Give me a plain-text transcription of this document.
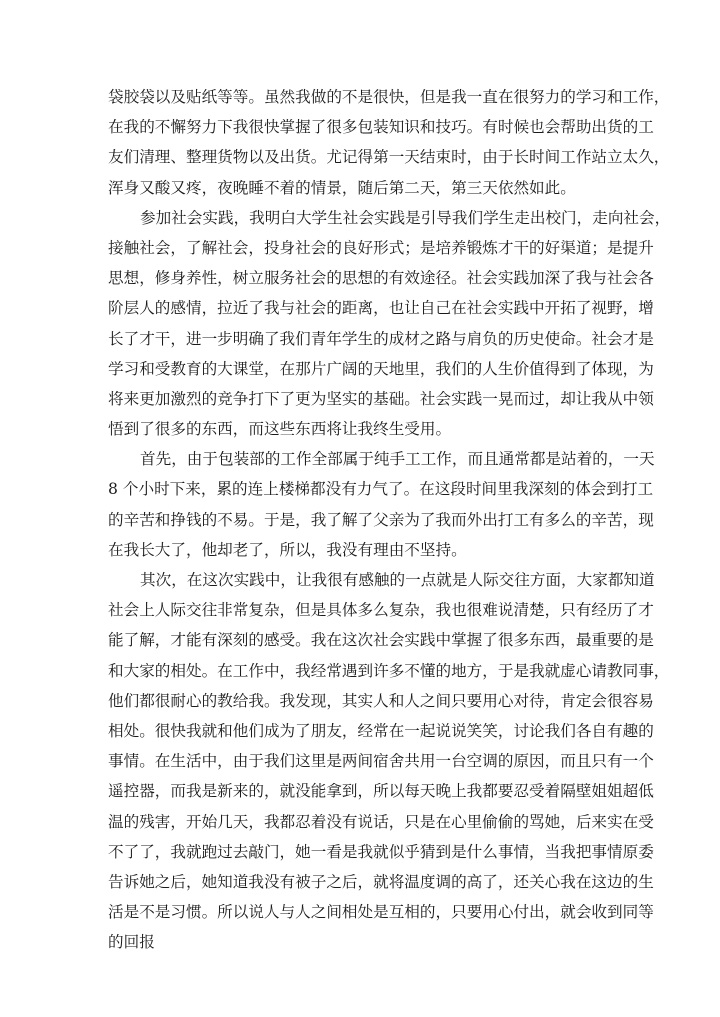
袋胶袋以及贴纸等等。虽然我做的不是很快，但是我一直在很努力的学习和工作，
在我的不懈努力下我很快掌握了很多包装知识和技巧。有时候也会帮助出货的工
友们清理、整理货物以及出货。尤记得第一天结束时，由于长时间工作站立太久，
浑身又酸又疼，夜晚睡不着的情景，随后第二天，第三天依然如此。
参加社会实践，我明白大学生社会实践是引导我们学生走出校门，走向社会，
接触社会，了解社会，投身社会的良好形式；是培养锻炼才干的好渠道；是提升
思想，修身养性，树立服务社会的思想的有效途径。社会实践加深了我与社会各
阶层人的感情，拉近了我与社会的距离，也让自己在社会实践中开拓了视野，增
长了才干，进一步明确了我们青年学生的成材之路与肩负的历史使命。社会才是
学习和受教育的大课堂，在那片广阔的天地里，我们的人生价值得到了体现，为
将来更加激烈的竞争打下了更为坚实的基础。社会实践一晃而过，却让我从中领
悟到了很多的东西，而这些东西将让我终生受用。
首先，由于包装部的工作全部属于纯手工工作，而且通常都是站着的，一天
8 个小时下来，累的连上楼梯都没有力气了。在这段时间里我深刻的体会到打工
的辛苦和挣钱的不易。于是，我了解了父亲为了我而外出打工有多么的辛苦，现
在我长大了，他却老了，所以，我没有理由不坚持。
其次，在这次实践中，让我很有感触的一点就是人际交往方面，大家都知道
社会上人际交往非常复杂，但是具体多么复杂，我也很难说清楚，只有经历了才
能了解，才能有深刻的感受。我在这次社会实践中掌握了很多东西，最重要的是
和大家的相处。在工作中，我经常遇到许多不懂的地方，于是我就虚心请教同事，
他们都很耐心的教给我。我发现，其实人和人之间只要用心对待，肯定会很容易
相处。很快我就和他们成为了朋友，经常在一起说说笑笑，讨论我们各自有趣的
事情。在生活中，由于我们这里是两间宿舍共用一台空调的原因，而且只有一个
遥控器，而我是新来的，就没能拿到，所以每天晚上我都要忍受着隔壁姐姐超低
温的残害，开始几天，我都忍着没有说话，只是在心里偷偷的骂她，后来实在受
不了了，我就跑过去敲门，她一看是我就似乎猜到是什么事情，当我把事情原委
告诉她之后，她知道我没有被子之后，就将温度调的高了，还关心我在这边的生
活是不是习惯。所以说人与人之间相处是互相的，只要用心付出，就会收到同等
的回报
